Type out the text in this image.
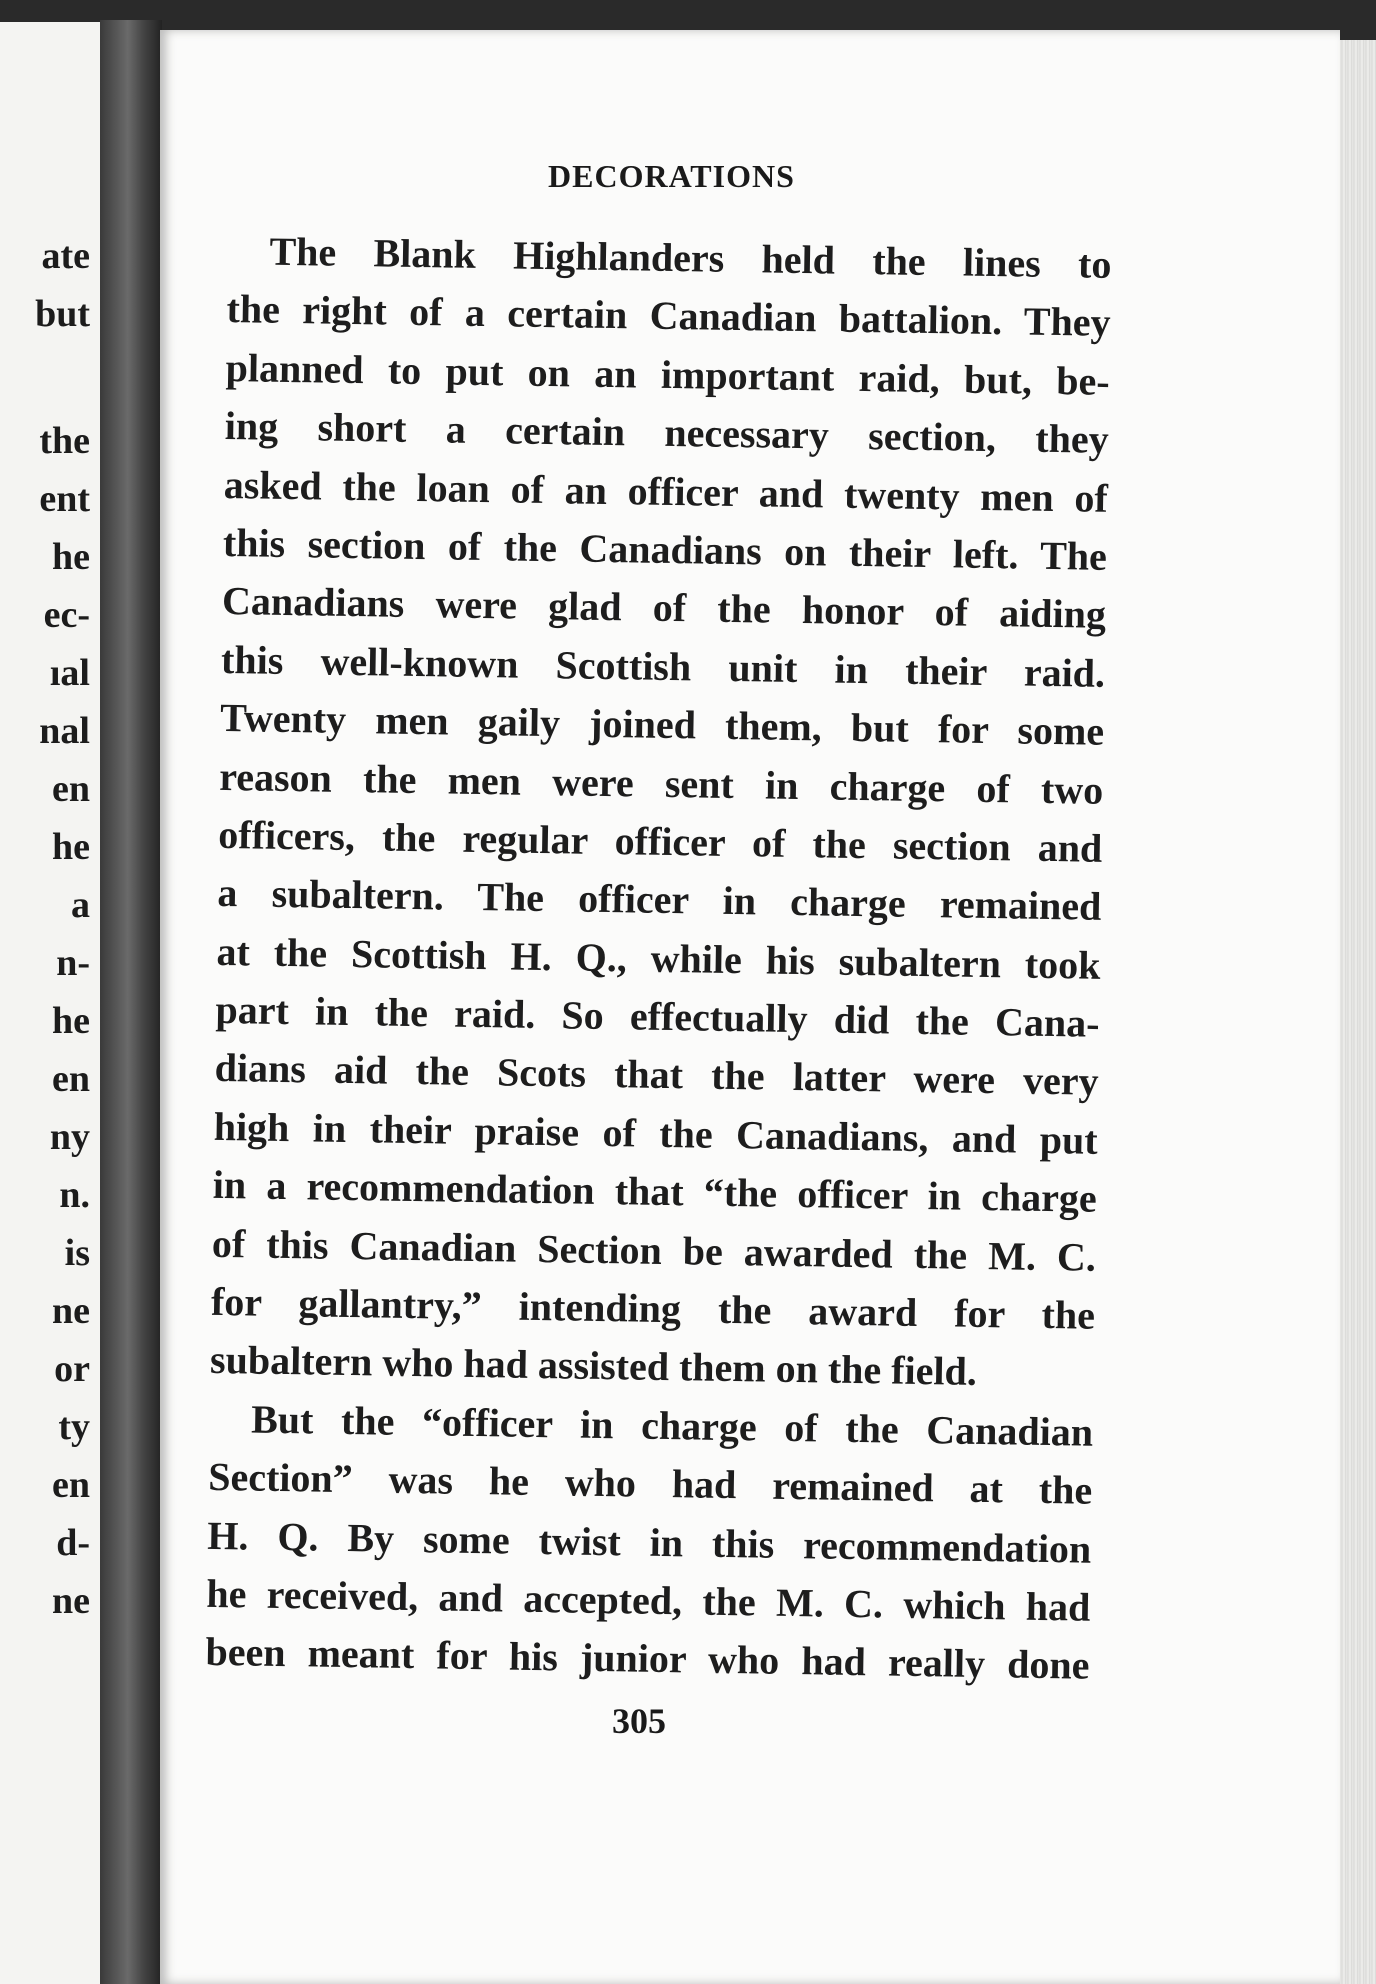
ate
but
the
ent
he
ec-
ıal
nal
en
he
a
n-
he
en
ny
n.
is
ne
or
ty
en
d-
ne
DECORATIONS
The Blank Highlanders held the lines to
the right of a certain Canadian battalion. They
planned to put on an important raid, but, be-
ing short a certain necessary section, they
asked the loan of an officer and twenty men of
this section of the Canadians on their left. The
Canadians were glad of the honor of aiding
this well-known Scottish unit in their raid.
Twenty men gaily joined them, but for some
reason the men were sent in charge of two
officers, the regular officer of the section and
a subaltern. The officer in charge remained
at the Scottish H. Q., while his subaltern took
part in the raid. So effectually did the Cana-
dians aid the Scots that the latter were very
high in their praise of the Canadians, and put
in a recommendation that “the officer in charge
of this Canadian Section be awarded the M. C.
for gallantry,” intending the award for the
subaltern who had assisted them on the field.
But the “officer in charge of the Canadian
Section” was he who had remained at the
H. Q. By some twist in this recommendation
he received, and accepted, the M. C. which had
been meant for his junior who had really done
305
